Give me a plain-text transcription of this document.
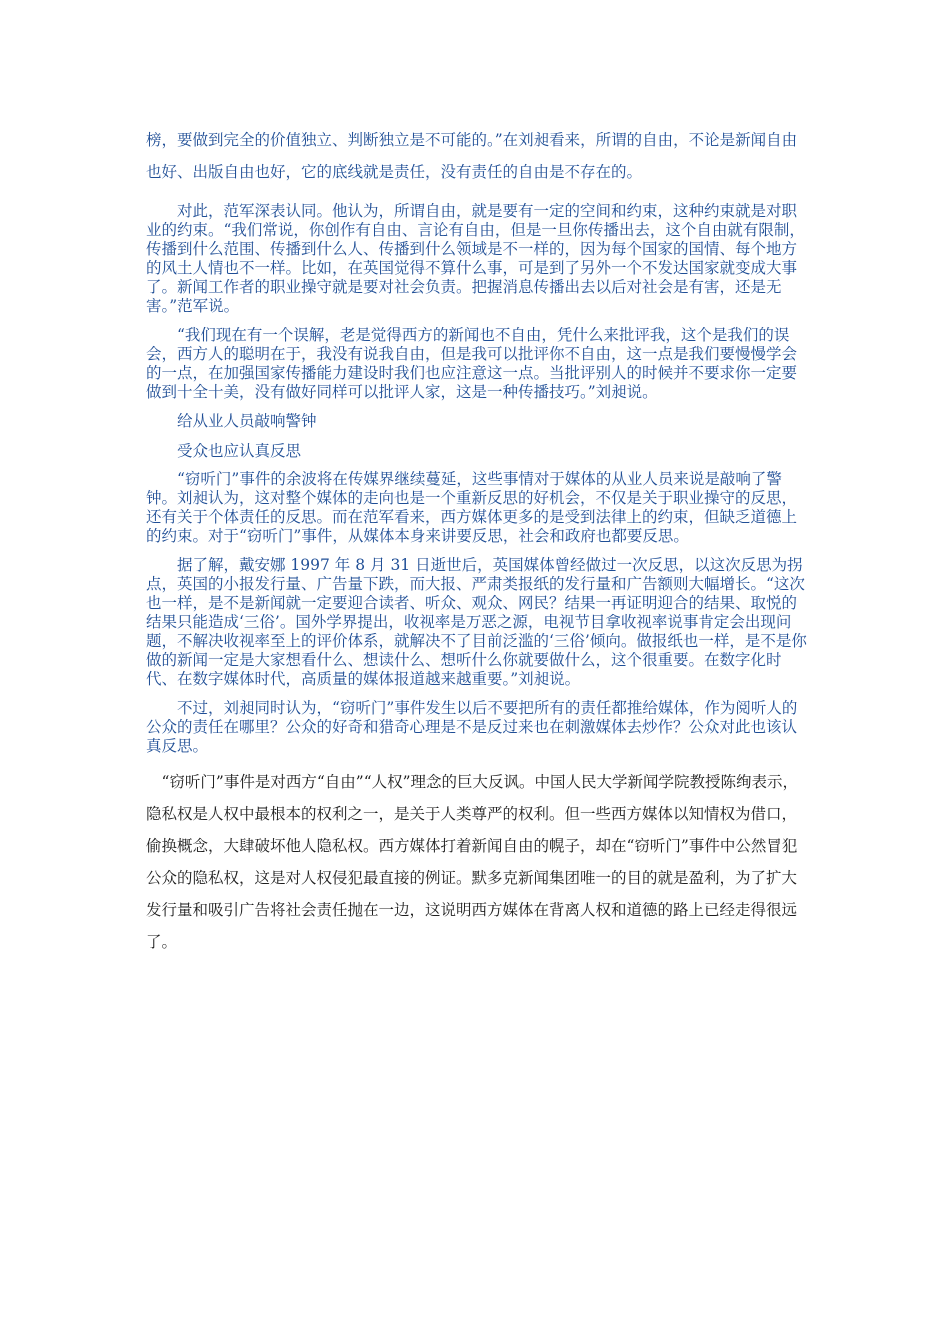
榜，要做到完全的价值独立、判断独立是不可能的。”在刘昶看来，所谓的自由，不论是新闻自由也好、出版自由也好，它的底线就是责任，没有责任的自由是不存在的。

对此，范军深表认同。他认为，所谓自由，就是要有一定的空间和约束，这种约束就是对职业的约束。“我们常说，你创作有自由、言论有自由，但是一旦你传播出去，这个自由就有限制，传播到什么范围、传播到什么人、传播到什么领域是不一样的，因为每个国家的国情、每个地方的风土人情也不一样。比如，在英国觉得不算什么事，可是到了另外一个不发达国家就变成大事了。新闻工作者的职业操守就是要对社会负责。把握消息传播出去以后对社会是有害，还是无害。”范军说。

“我们现在有一个误解，老是觉得西方的新闻也不自由，凭什么来批评我，这个是我们的误会，西方人的聪明在于，我没有说我自由，但是我可以批评你不自由，这一点是我们要慢慢学会的一点，在加强国家传播能力建设时我们也应注意这一点。当批评别人的时候并不要求你一定要做到十全十美，没有做好同样可以批评人家，这是一种传播技巧。”刘昶说。

给从业人员敲响警钟

受众也应认真反思

“窃听门”事件的余波将在传媒界继续蔓延，这些事情对于媒体的从业人员来说是敲响了警钟。刘昶认为，这对整个媒体的走向也是一个重新反思的好机会，不仅是关于职业操守的反思，还有关于个体责任的反思。而在范军看来，西方媒体更多的是受到法律上的约束，但缺乏道德上的约束。对于“窃听门”事件，从媒体本身来讲要反思，社会和政府也都要反思。

据了解，戴安娜 1997 年 8 月 31 日逝世后，英国媒体曾经做过一次反思，以这次反思为拐点，英国的小报发行量、广告量下跌，而大报、严肃类报纸的发行量和广告额则大幅增长。“这次也一样，是不是新闻就一定要迎合读者、听众、观众、网民？结果一再证明迎合的结果、取悦的结果只能造成‘三俗’。国外学界提出，收视率是万恶之源，电视节目拿收视率说事肯定会出现问题，不解决收视率至上的评价体系，就解决不了目前泛滥的‘三俗’倾向。做报纸也一样，是不是你做的新闻一定是大家想看什么、想读什么、想听什么你就要做什么，这个很重要。在数字化时代、在数字媒体时代，高质量的媒体报道越来越重要。”刘昶说。

不过，刘昶同时认为，“窃听门”事件发生以后不要把所有的责任都推给媒体，作为阅听人的公众的责任在哪里？公众的好奇和猎奇心理是不是反过来也在刺激媒体去炒作？公众对此也该认真反思。

“窃听门”事件是对西方“自由”“人权”理念的巨大反讽。中国人民大学新闻学院教授陈绚表示，隐私权是人权中最根本的权利之一，是关于人类尊严的权利。但一些西方媒体以知情权为借口，偷换概念，大肆破坏他人隐私权。西方媒体打着新闻自由的幌子，却在“窃听门”事件中公然冒犯公众的隐私权，这是对人权侵犯最直接的例证。默多克新闻集团唯一的目的就是盈利，为了扩大发行量和吸引广告将社会责任抛在一边，这说明西方媒体在背离人权和道德的路上已经走得很远了。
